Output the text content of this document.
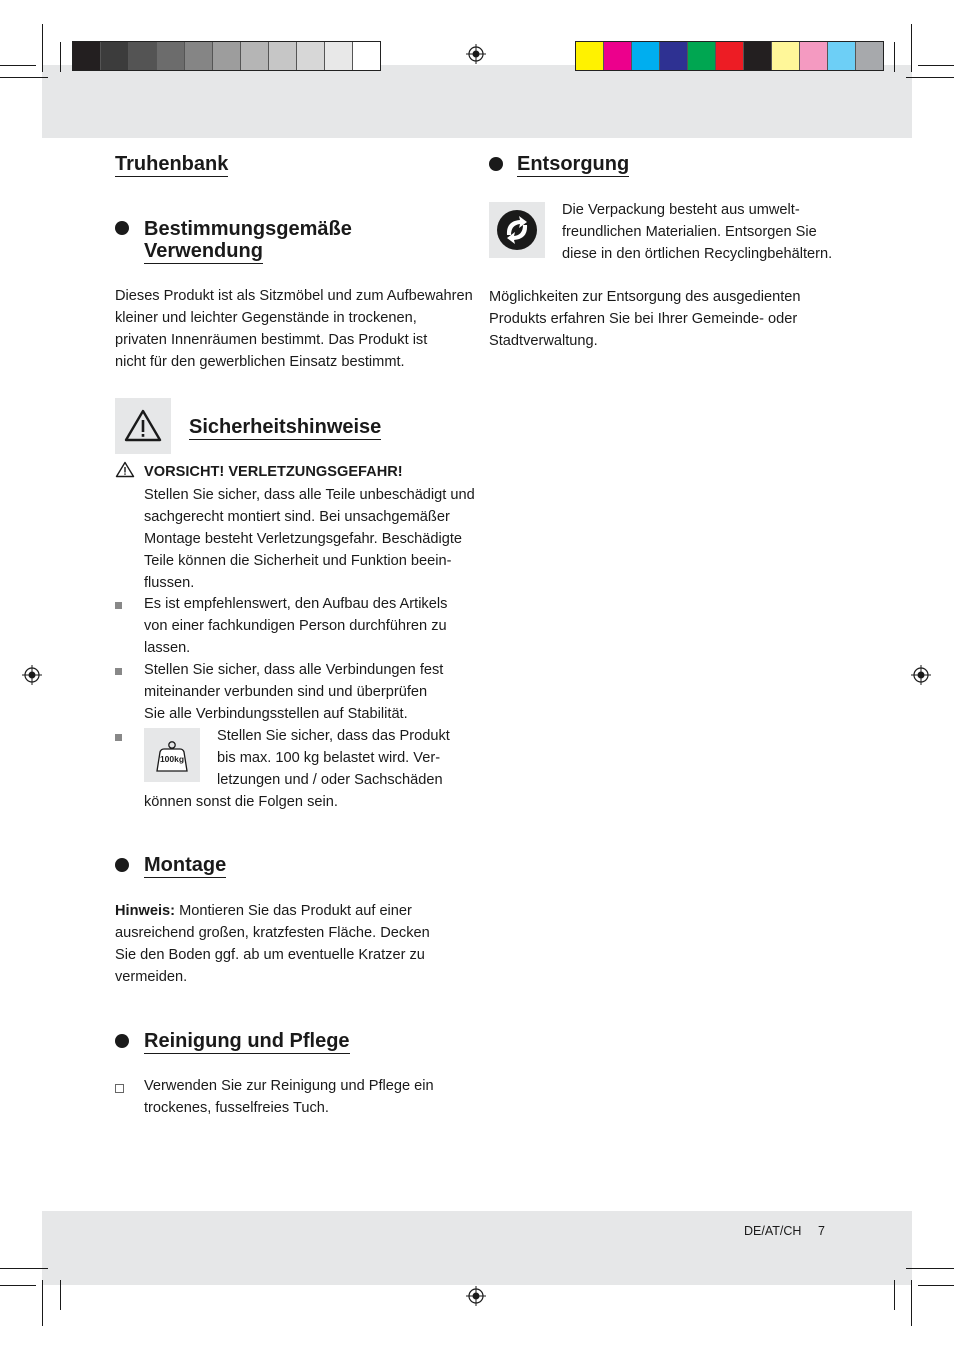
Truhenbank
Bestimmungsgemäße
Verwendung
Dieses Produkt ist als Sitzmöbel und zum Aufbewahren
kleiner und leichter Gegenstände in trockenen,
privaten Innenräumen bestimmt. Das Produkt ist
nicht für den gewerblichen Einsatz bestimmt.
Sicherheitshinweise
VORSICHT! VERLETZUNGSGEFAHR!
Stellen Sie sicher, dass alle Teile unbeschädigt und
sachgerecht montiert sind. Bei unsachgemäßer
Montage besteht Verletzungsgefahr. Beschädigte
Teile können die Sicherheit und Funktion beein-
flussen.
Es ist empfehlenswert, den Aufbau des Artikels
von einer fachkundigen Person durchführen zu
lassen.
Stellen Sie sicher, dass alle Verbindungen fest
miteinander verbunden sind und überprüfen
Sie alle Verbindungsstellen auf Stabilität.
100kg
Stellen Sie sicher, dass das Produkt
bis max. 100 kg belastet wird. Ver-
letzungen und / oder Sachschäden
können sonst die Folgen sein.
Montage
Hinweis: Montieren Sie das Produkt auf einer
ausreichend großen, kratzfesten Fläche. Decken
Sie den Boden ggf. ab um eventuelle Kratzer zu
vermeiden.
Reinigung und Pflege
Verwenden Sie zur Reinigung und Pflege ein
trockenes, fusselfreies Tuch.
Entsorgung
Die Verpackung besteht aus umwelt-
freundlichen Materialien. Entsorgen Sie
diese in den örtlichen Recyclingbehältern.
Möglichkeiten zur Entsorgung des ausgedienten
Produkts erfahren Sie bei Ihrer Gemeinde- oder
Stadtverwaltung.
DE/AT/CH 7
